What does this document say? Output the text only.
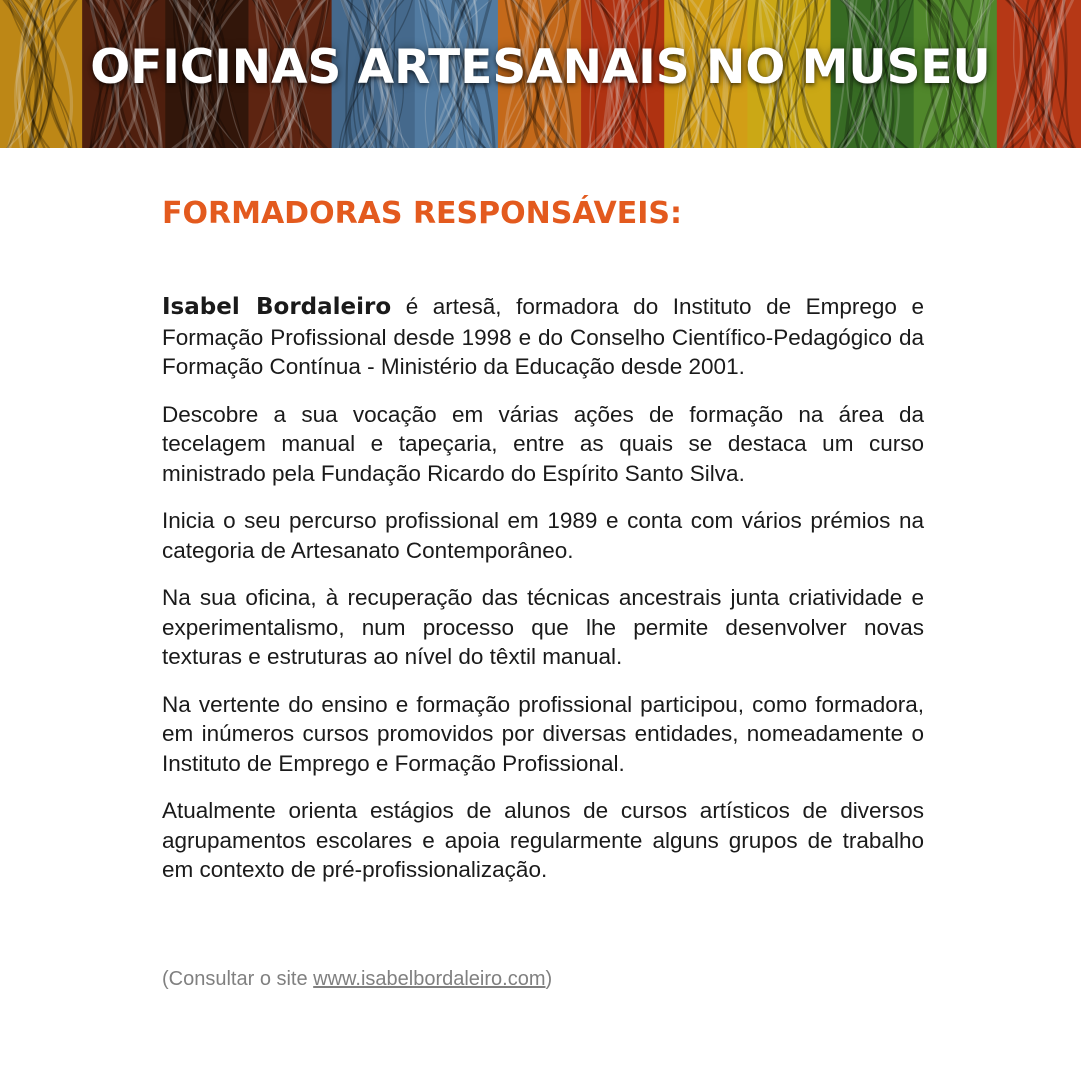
OFICINAS ARTESANAIS NO MUSEU
FORMADORAS RESPONSÁVEIS:

Isabel Bordaleiro é artesã, formadora do Instituto de Emprego e Formação Profissional desde 1998 e do Conselho Científico-Pedagógico da Formação Contínua - Ministério da Educação desde 2001.

Descobre a sua vocação em várias ações de formação na área da tecelagem manual e tapeçaria, entre as quais se destaca um curso ministrado pela Fundação Ricardo do Espírito Santo Silva.

Inicia o seu percurso profissional em 1989 e conta com vários prémios na categoria de Artesanato Contemporâneo.

Na sua oficina, à recuperação das técnicas ancestrais junta criatividade e experimentalismo, num processo que lhe permite desenvolver novas texturas e estruturas ao nível do têxtil manual.

Na vertente do ensino e formação profissional participou, como formadora, em inúmeros cursos promovidos por diversas entidades, nomeadamente o Instituto de Emprego e Formação Profissional.

Atualmente orienta estágios de alunos de cursos artísticos de diversos agrupamentos escolares e apoia regularmente alguns grupos de trabalho em contexto de pré-profissionalização.

(Consultar o site www.isabelbordaleiro.com)
